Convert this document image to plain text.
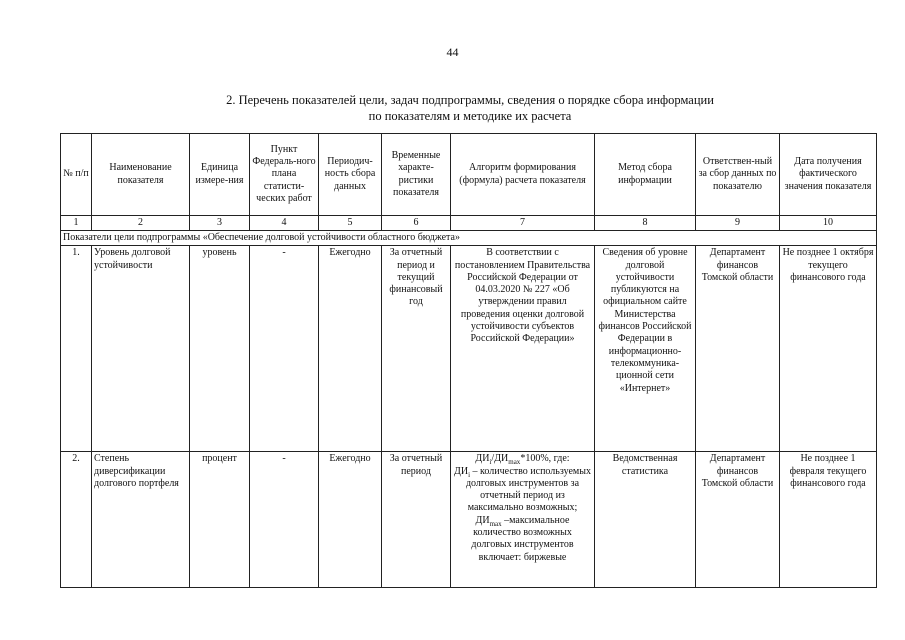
44
2. Перечень показателей цели, задач подпрограммы, сведения о порядке сбора информации
по показателям и методике их расчета
№ п/п	Наименование показателя	Единица измере-ния	Пункт Федераль-ного плана статисти-ческих работ	Периодич-ность сбора данных	Временные характе-ристики показателя	Алгоритм формирования (формула) расчета показателя	Метод сбора информации	Ответствен-ный за сбор данных по показателю	Дата получения фактического значения показателя
1	2	3	4	5	6	7	8	9	10
Показатели цели подпрограммы «Обеспечение долговой устойчивости областного бюджета»									
1.	Уровень долговой устойчивости	уровень	-	Ежегодно	За отчетный период и текущий финансовый год	В соответствии с постановлением Правительства Российской Федерации от 04.03.2020 № 227 «Об утверждении правил проведения оценки долговой устойчивости субъектов Российской Федерации»	Сведения об уровне долговой устойчивости публикуются на официальном сайте Министерства финансов Российской Федерации в информационно-телекоммуника-ционной сети «Интернет»	Департамент финансов Томской области	Не позднее 1 октября текущего финансового года
2.	Степень диверсификации долгового портфеля	процент	-	Ежегодно	За отчетный период	$ДИ_i/ДИ_{max}*100\%$, где:
$ДИ_i$ – количество используемых долговых инструментов за отчетный период из максимально возможных;
$ДИ_{max}$ –максимальное количество возможных долговых инструментов включает: биржевые	Ведомственная статистика	Департамент финансов Томской области	Не позднее 1 февраля текущего финансового года
